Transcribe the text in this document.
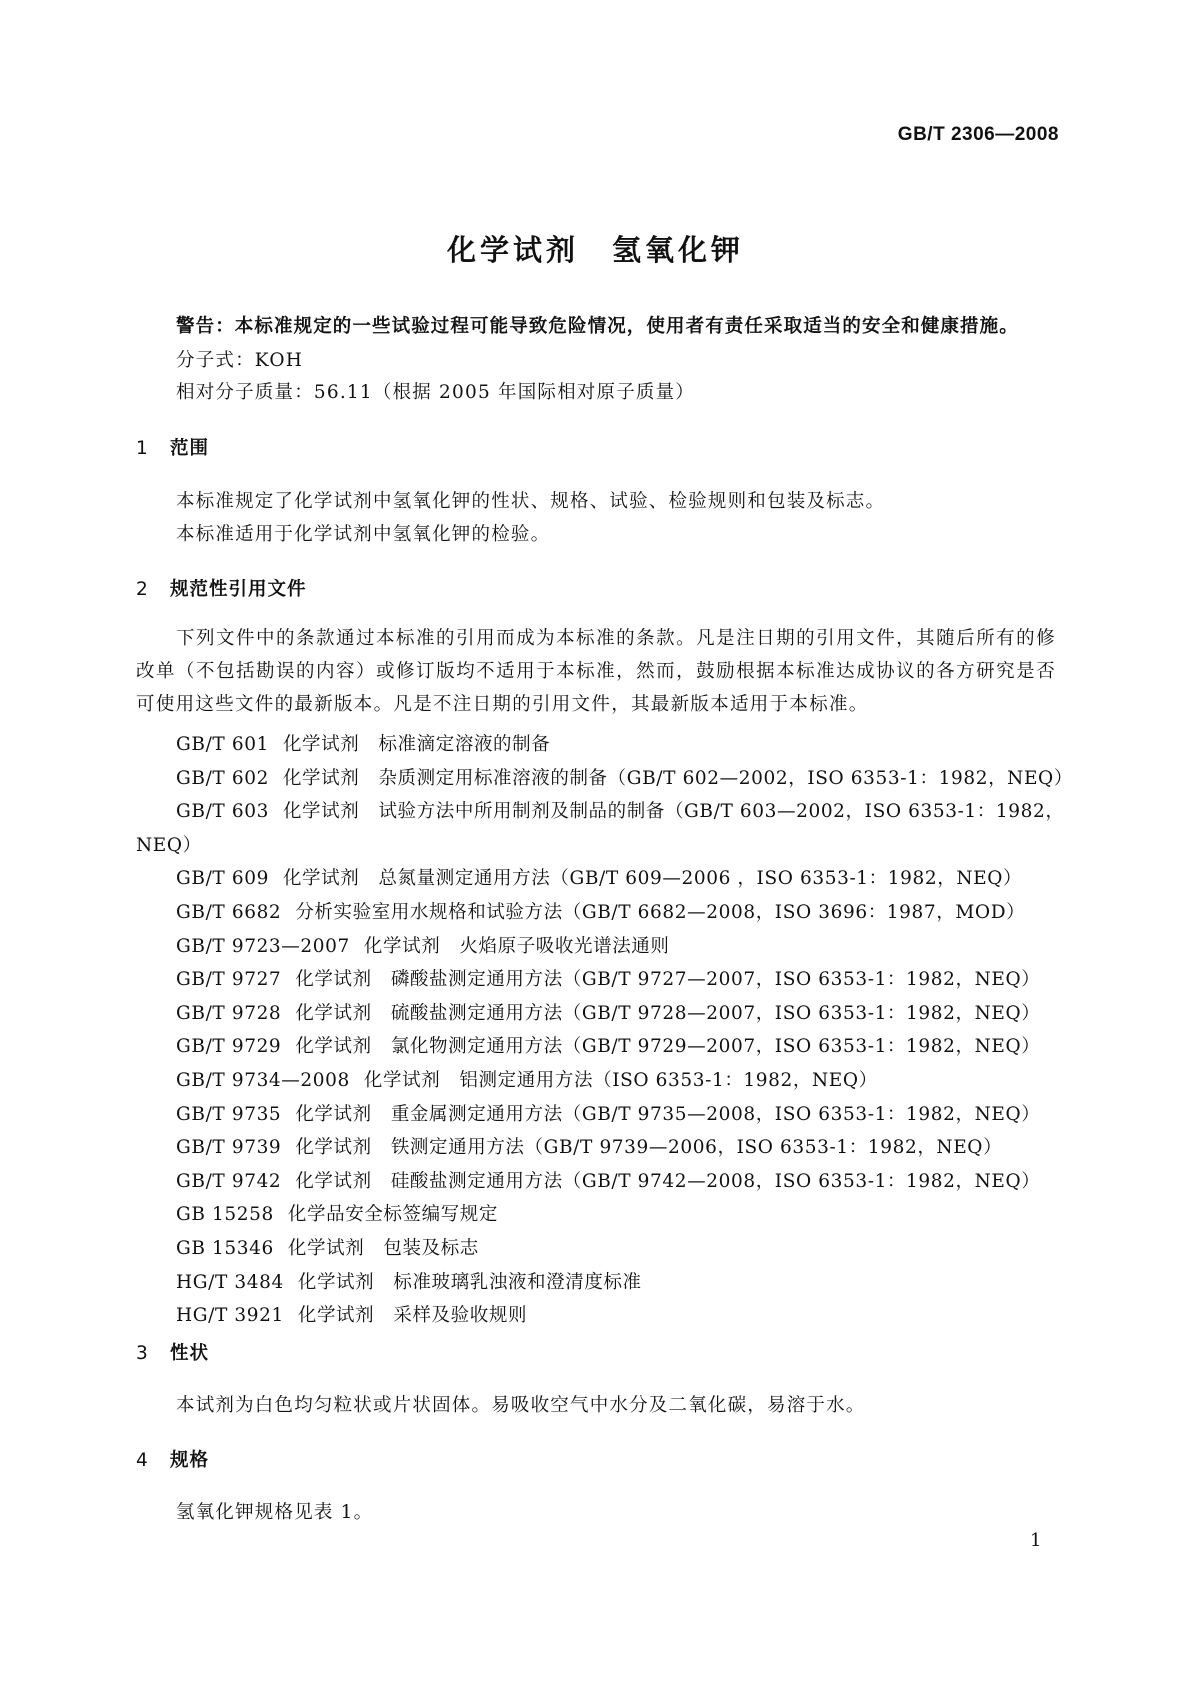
GB/T 2306—2008
化学试剂　氢氧化钾
警告：本标准规定的一些试验过程可能导致危险情况，使用者有责任采取适当的安全和健康措施。
分子式：KOH
相对分子质量：56.11（根据 2005 年国际相对原子质量）
1 范围
本标准规定了化学试剂中氢氧化钾的性状、规格、试验、检验规则和包装及标志。
本标准适用于化学试剂中氢氧化钾的检验。
2 规范性引用文件
下列文件中的条款通过本标准的引用而成为本标准的条款。凡是注日期的引用文件，其随后所有的修改单（不包括勘误的内容）或修订版均不适用于本标准，然而，鼓励根据本标准达成协议的各方研究是否可使用这些文件的最新版本。凡是不注日期的引用文件，其最新版本适用于本标准。
GB/T 601 化学试剂　标准滴定溶液的制备
GB/T 602 化学试剂　杂质测定用标准溶液的制备（GB/T 602—2002，ISO 6353-1：1982，NEQ）
GB/T 603 化学试剂　试验方法中所用制剂及制品的制备（GB/T 603—2002，ISO 6353-1：1982，
NEQ）
GB/T 609 化学试剂　总氮量测定通用方法（GB/T 609—2006 ，ISO 6353-1：1982，NEQ）
GB/T 6682 分析实验室用水规格和试验方法（GB/T 6682—2008，ISO 3696：1987，MOD）
GB/T 9723—2007 化学试剂　火焰原子吸收光谱法通则
GB/T 9727 化学试剂　磷酸盐测定通用方法（GB/T 9727—2007，ISO 6353-1：1982，NEQ）
GB/T 9728 化学试剂　硫酸盐测定通用方法（GB/T 9728—2007，ISO 6353-1：1982，NEQ）
GB/T 9729 化学试剂　氯化物测定通用方法（GB/T 9729—2007，ISO 6353-1：1982，NEQ）
GB/T 9734—2008 化学试剂　铝测定通用方法（ISO 6353-1：1982，NEQ）
GB/T 9735 化学试剂　重金属测定通用方法（GB/T 9735—2008，ISO 6353-1：1982，NEQ）
GB/T 9739 化学试剂　铁测定通用方法（GB/T 9739—2006，ISO 6353-1：1982，NEQ）
GB/T 9742 化学试剂　硅酸盐测定通用方法（GB/T 9742—2008，ISO 6353-1：1982，NEQ）
GB 15258 化学品安全标签编写规定
GB 15346 化学试剂　包装及标志
HG/T 3484 化学试剂　标准玻璃乳浊液和澄清度标准
HG/T 3921 化学试剂　采样及验收规则
3 性状
本试剂为白色均匀粒状或片状固体。易吸收空气中水分及二氧化碳，易溶于水。
4 规格
氢氧化钾规格见表 1。
1
